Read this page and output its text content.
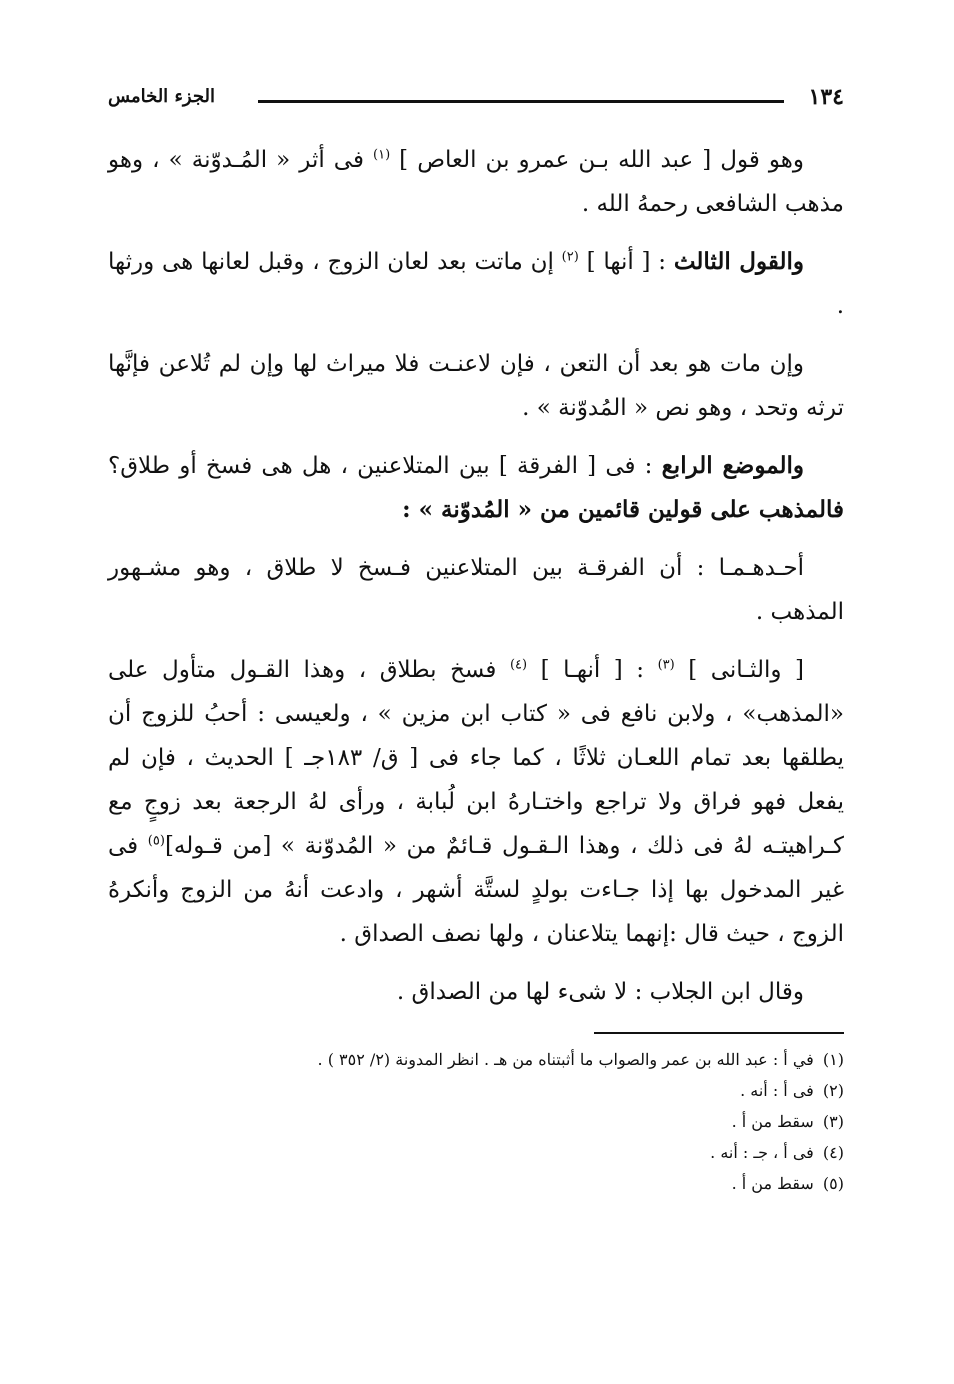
١٣٤
الجزء الخامس

وهو قول [ عبد الله بـن عمرو بن العاص ] $^{(١)}$ فى أثر « المُـدوّنة » ، وهو مذهب الشافعى رحمهُ الله .

والقول الثالث : [ أنها ] $^{(٢)}$ إن ماتت بعد لعان الزوج ، وقبل لعانها هى ورثها .

وإن مات هو بعد أن التعن ، فإن لاعنـت فلا ميراث لها وإن لم تُلاعن فإنَّها ترثه وتحد ، وهو نص « المُدوّنة » .

والموضع الرابع : فى [ الفرقة ] بين المتلاعنين ، هل هى فسخ أو طلاق؟ فالمذهب على قولين قائمين من « المُدوّنة » :

أحـدهـمـا : أن الفرقـة بين المتلاعنين فـسخ لا طلاق ، وهو مشـهور المذهب .

[ والثـانى ] $^{(٣)}$ : [ أنهـا ] $^{(٤)}$ فسخ بطلاق ، وهذا القـول متأول على «المذهب» ، ولابن نافع فى « كتاب ابن مزين » ، ولعيسى : أحبُ للزوج أن يطلقها بعد تمام اللعـان ثلاثًا ، كما جاء فى [ ق/ ١٨٣جـ ] الحديث ، فإن لم يفعل فهو فراق ولا تراجع واختـارهُ ابن لُبابة ، ورأى لهُ الرجعة بعد زوجٍ مع كـراهيتـه لهُ فى ذلك ، وهذا الـقـول قـائمٌ من « المُدوّنة » [من قـوله]$^{(٥)}$ فى غير المدخول بها إذا جـاءت بولدٍ لستَّة أشهر ، وادعت أنهُ من الزوج وأنكرهُ الزوج ، حيث قال :إنهما يتلاعنان ، ولها نصف الصداق .

وقال ابن الجلاب : لا شىء لها من الصداق .

(١) في أ : عبد الله بن عمر والصواب ما أثبتناه من هـ . انظر المدونة (٢/ ٣٥٢ ) .

(٢) فى أ : أنه .

(٣) سقط من أ .

(٤) فى أ ، جـ : أنه .

(٥) سقط من أ .
